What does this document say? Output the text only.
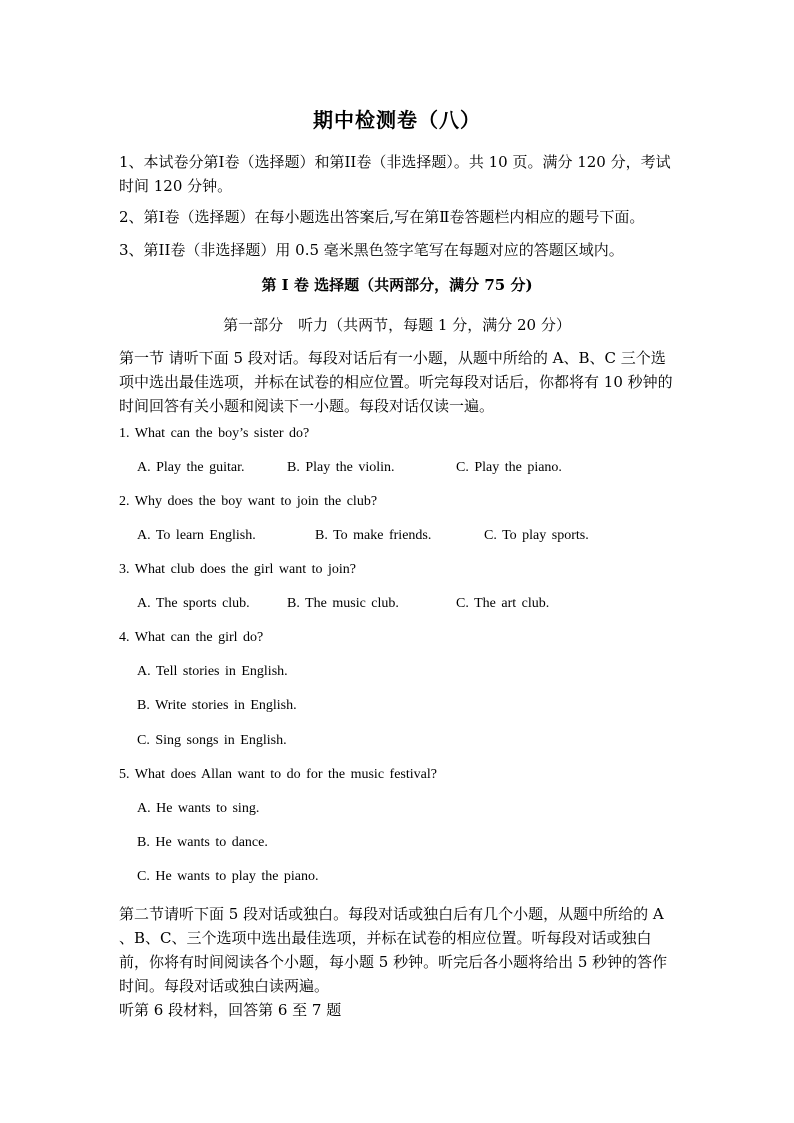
期中检测卷（八）
1、本试卷分第I卷（选择题）和第II卷（非选择题）。共 10 页。满分 120 分，考试时间 120 分钟。
2、第I卷（选择题）在每小题选出答案后,写在第Ⅱ卷答题栏内相应的题号下面。
3、第II卷（非选择题）用 0.5 毫米黑色签字笔写在每题对应的答题区域内。
第 I 卷 选择题（共两部分，满分 75 分)
第一部分　听力（共两节，每题 1 分，满分 20 分）
第一节 请听下面 5 段对话。每段对话后有一小题，从题中所给的 A、B、C 三个选项中选出最佳选项，并标在试卷的相应位置。听完每段对话后，你都将有 10 秒钟的时间回答有关小题和阅读下一小题。每段对话仅读一遍。
1. What can the boy’s sister do?
A. Play the guitar.	B. Play the violin.	C. Play the piano.
2. Why does the boy want to join the club?
A. To learn English.	B. To make friends.	C. To play sports.
3. What club does the girl want to join?
A. The sports club.	B. The music club.	C. The art club.
4. What can the girl do?
A. Tell stories in English.
B. Write stories in English.
C. Sing songs in English.
5. What does Allan want to do for the music festival?
A. He wants to sing.
B. He wants to dance.
C. He wants to play the piano.
第二节请听下面 5 段对话或独白。每段对话或独白后有几个小题，从题中所给的 A 、B、C、三个选项中选出最佳选项，并标在试卷的相应位置。听每段对话或独白前，你将有时间阅读各个小题，每小题 5 秒钟。听完后各小题将给出 5 秒钟的答作时间。每段对话或独白读两遍。
听第 6 段材料，回答第 6 至 7 题
